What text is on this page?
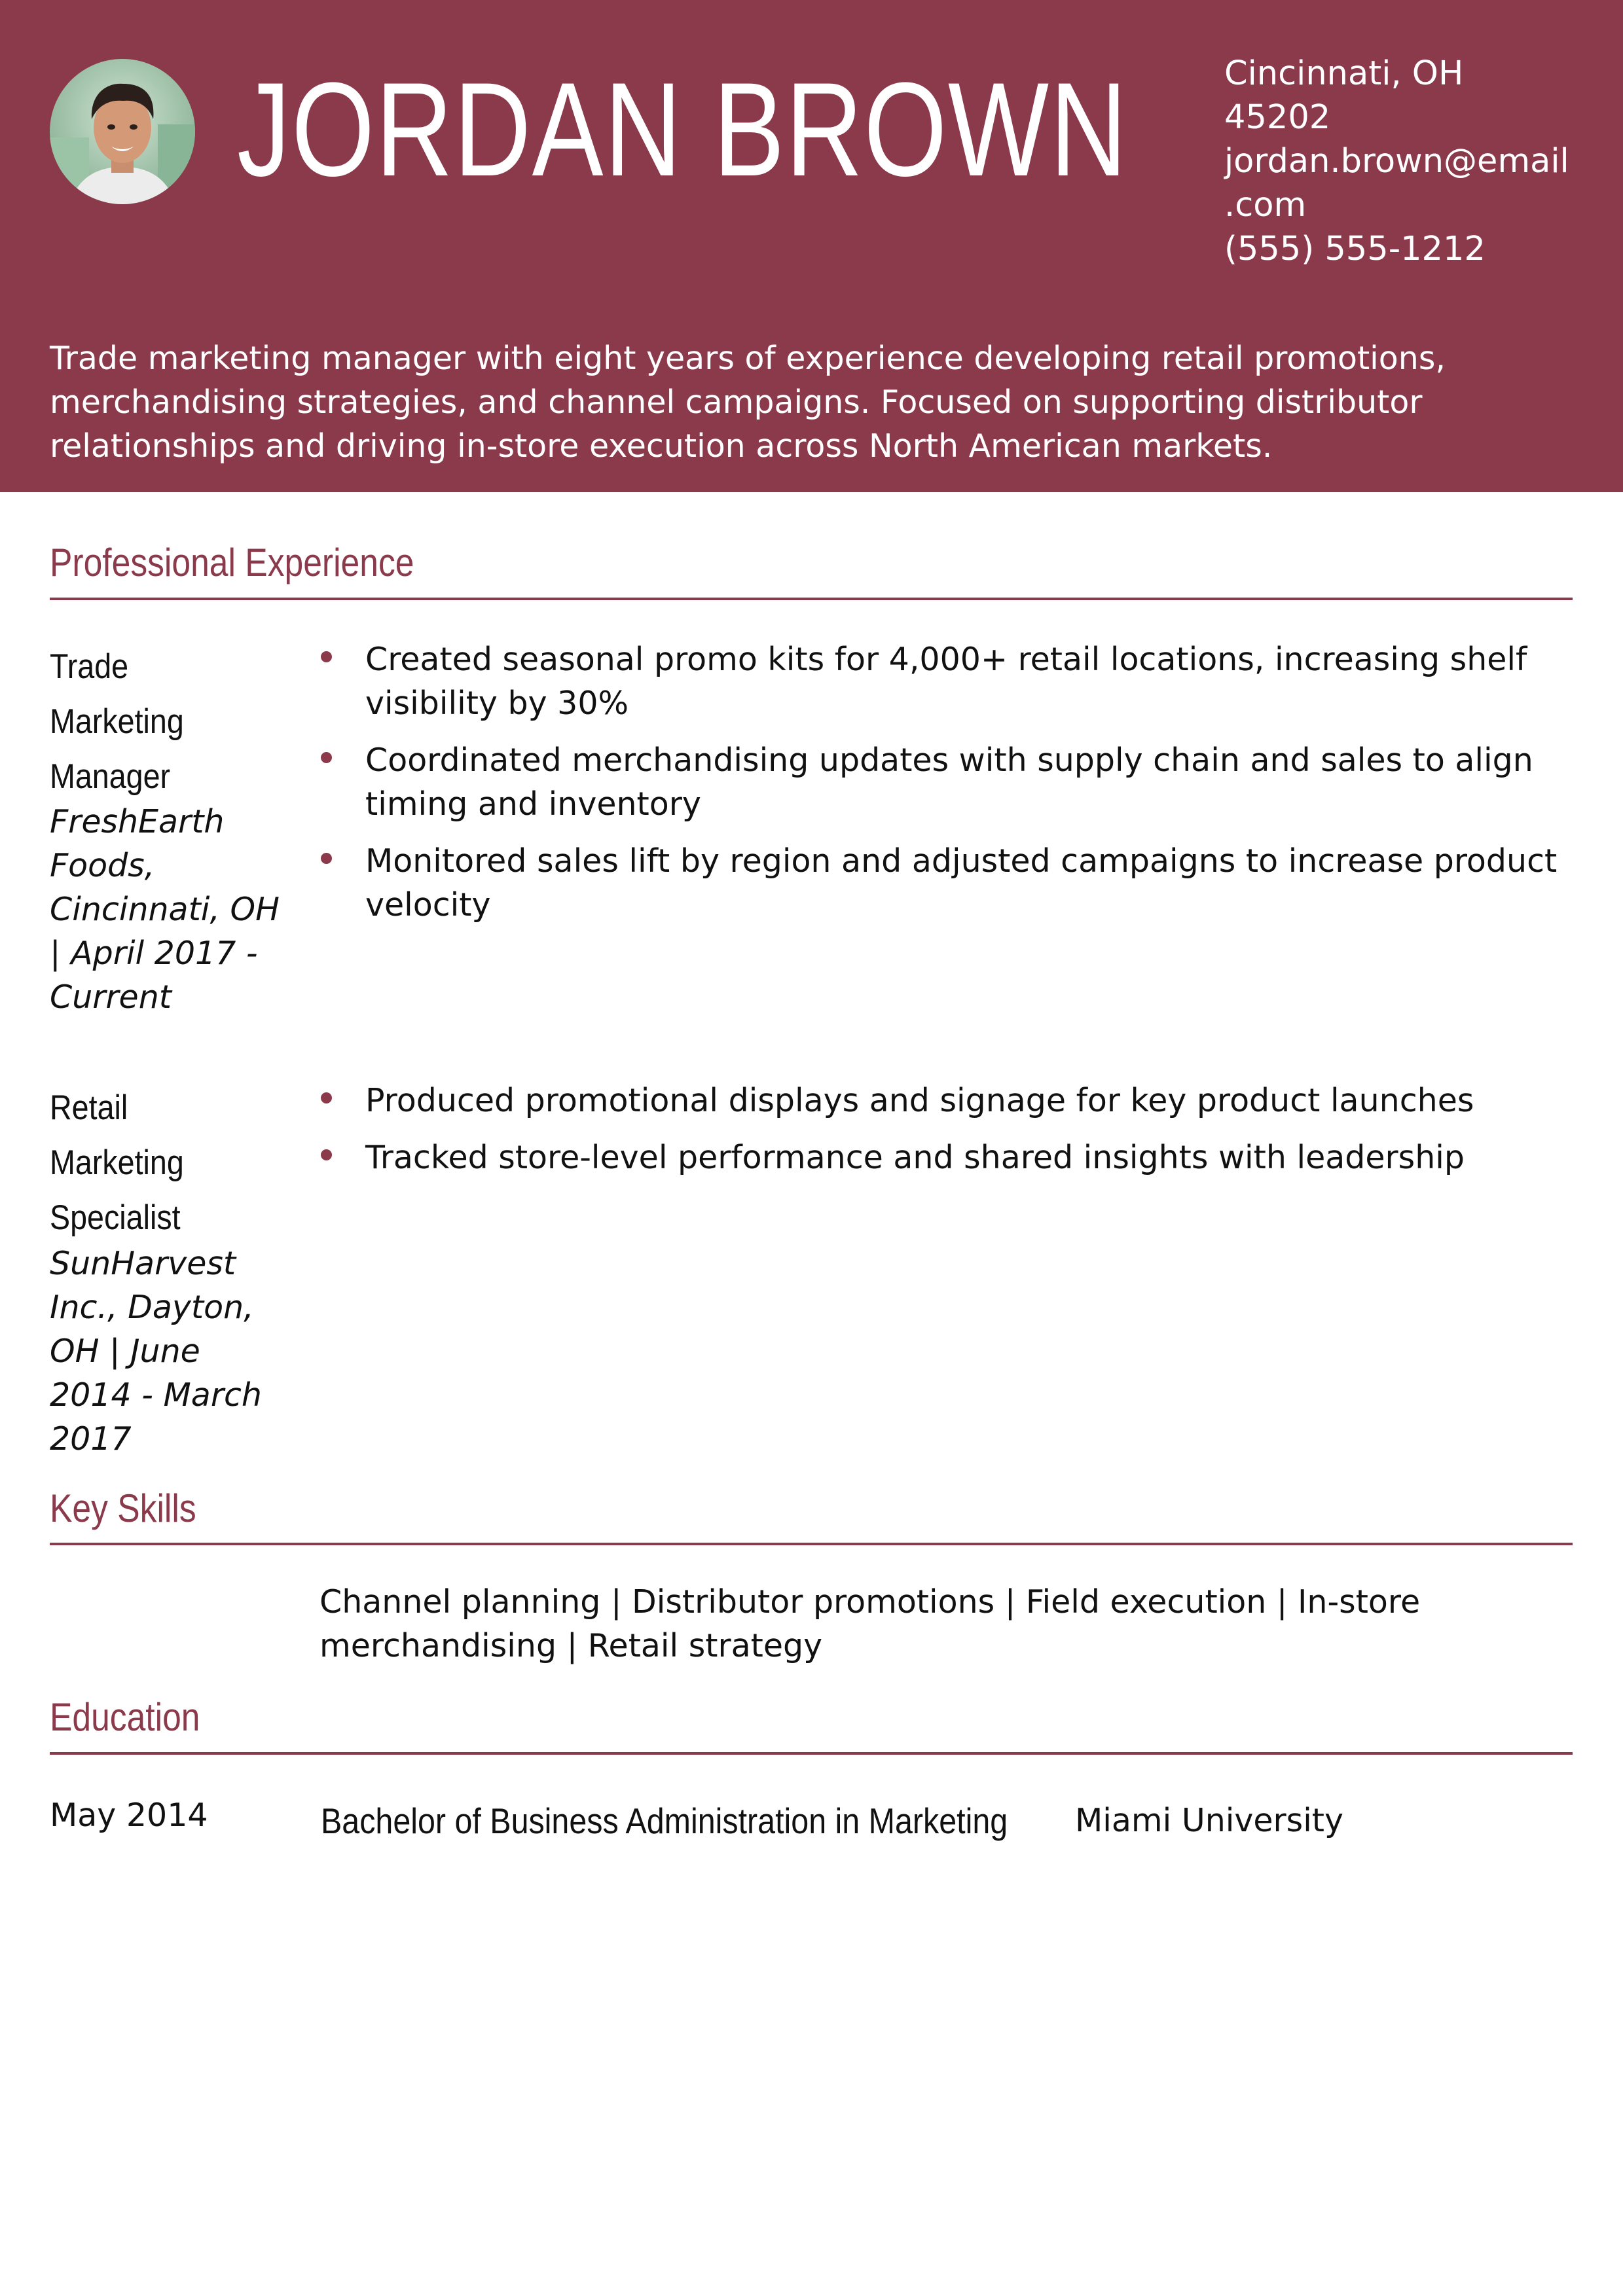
JORDAN BROWN	Cincinnati, OH
45202
jordan.brown@email
.com
(555) 555-1212
Trade marketing manager with eight years of experience developing retail promotions, merchandising strategies, and channel campaigns. Focused on supporting distributor relationships and driving in-store execution across North American markets.
Professional Experience
Trade
Marketing
Manager
FreshEarth Foods, Cincinnati, OH | April 2017 - Current
Created seasonal promo kits for 4,000+ retail locations, increasing shelf visibility by 30%
Coordinated merchandising updates with supply chain and sales to align timing and inventory
Monitored sales lift by region and adjusted campaigns to increase product velocity
Retail
Marketing
Specialist
SunHarvest Inc., Dayton, OH | June 2014 - March 2017
Produced promotional displays and signage for key product launches
Tracked store-level performance and shared insights with leadership
Key Skills
Channel planning | Distributor promotions | Field execution | In-store merchandising | Retail strategy
Education
May 2014	Bachelor of Business Administration in Marketing Miami University
